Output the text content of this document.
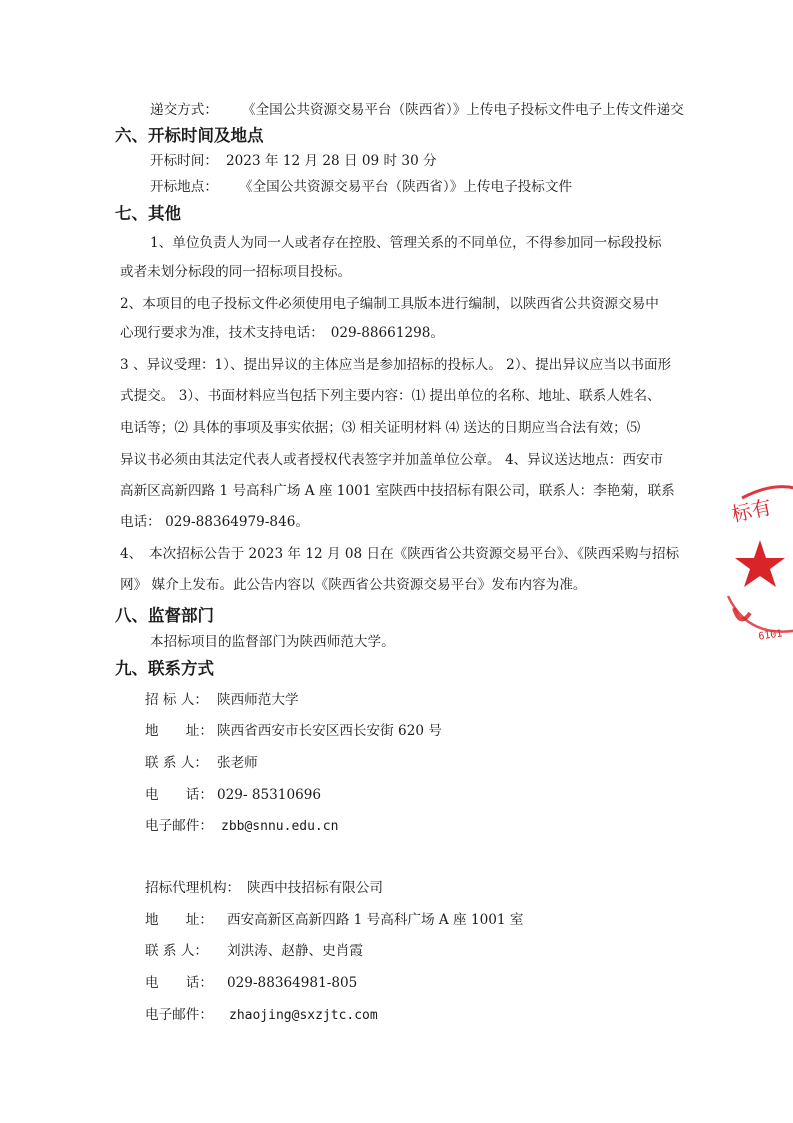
递交方式： 《全国公共资源交易平台（陕西省）》上传电子投标文件电子上传文件递交
六、开标时间及地点
开标时间： 2023 年 12 月 28 日 09 时 30 分
开标地点： 《全国公共资源交易平台（陕西省）》上传电子投标文件
七、其他
1、单位负责人为同一人或者存在控股、管理关系的不同单位，不得参加同一标段投标
或者未划分标段的同一招标项目投标。
2、本项目的电子投标文件必须使用电子编制工具版本进行编制，以陕西省公共资源交易中
心现行要求为准，技术支持电话：　029-88661298。
3 、异议受理：1）、提出异议的主体应当是参加招标的投标人。 2）、提出异议应当以书面形
式提交。 3）、书面材料应当包括下列主要内容：⑴ 提出单位的名称、地址、联系人姓名、
电话等；⑵ 具体的事项及事实依据；⑶ 相关证明材料 ⑷ 送达的日期应当合法有效；⑸
异议书必须由其法定代表人或者授权代表签字并加盖单位公章。 4、异议送达地点：西安市
高新区高新四路 1 号高科广场 A 座 1001 室陕西中技招标有限公司，联系人：李艳菊，联系
电话： 029-88364979-846。
4、　本次招标公告于 2023 年 12 月 08 日在《陕西省公共资源交易平台》、《陕西采购与招标
网》 媒介上发布。此公告内容以《陕西省公共资源交易平台》发布内容为准。
八、监督部门
本招标项目的监督部门为陕西师范大学。
九、联系方式
招 标 人： 陕西师范大学
地　　址： 陕西省西安市长安区西长安街 620 号
联 系 人： 张老师
电　　话： 029- 85310696
电子邮件： zbb@snnu.edu.cn
招标代理机构： 陕西中技招标有限公司
地　　址： 西安高新区高新四路 1 号高科广场 A 座 1001 室
联 系 人： 刘洪涛、赵静、史肖霞
电　　话： 029-88364981-805
电子邮件： zhaojing@sxzjtc.com
标有
6101
